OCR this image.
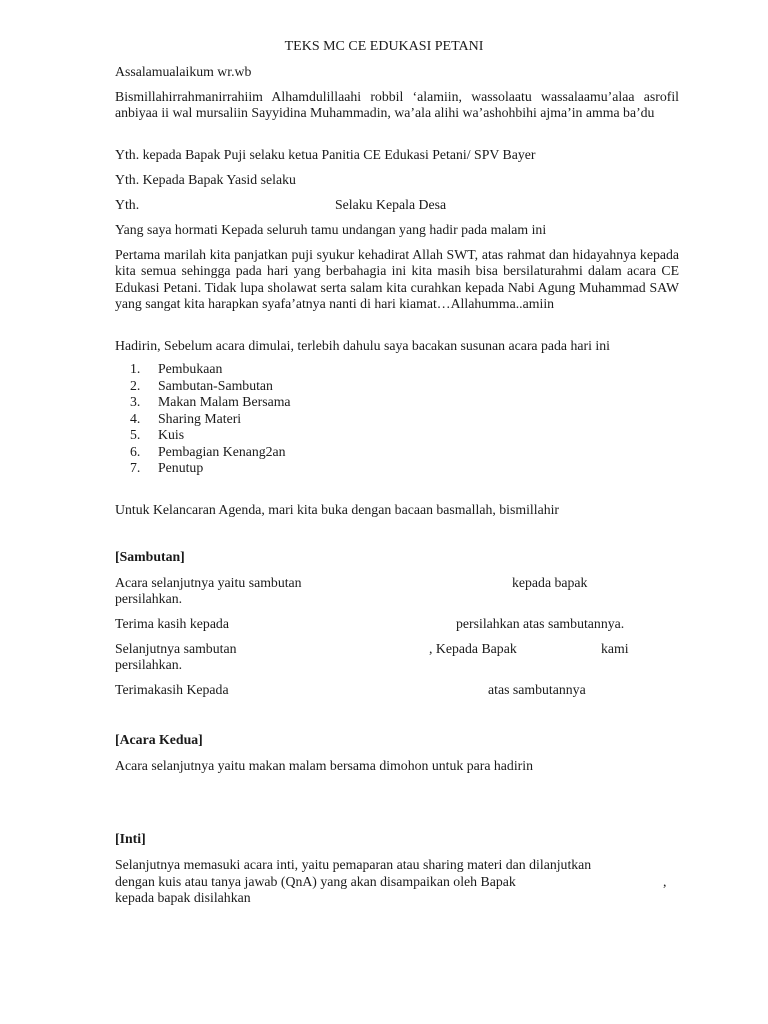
TEKS MC CE EDUKASI PETANI

Assalamualaikum wr.wb

Bismillahirrahmanirrahiim Alhamdulillaahi robbil ‘alamiin, wassolaatu wassalaamu’alaa asrofil anbiyaa ii wal mursaliin Sayyidina Muhammadin, wa’ala alihi wa’ashohbihi ajma’in amma ba’du

Yth. kepada Bapak Puji selaku ketua Panitia CE Edukasi Petani/ SPV Bayer

Yth. Kepada Bapak Yasid selaku

Yth.	Selaku Kepala Desa

Yang saya hormati Kepada seluruh tamu undangan yang hadir pada malam ini

Pertama marilah kita panjatkan puji syukur kehadirat Allah SWT, atas rahmat dan hidayahnya kepada kita semua sehingga pada hari yang berbahagia ini kita masih bisa bersilaturahmi dalam acara CE Edukasi Petani. Tidak lupa sholawat serta salam kita curahkan kepada Nabi Agung Muhammad SAW yang sangat kita harapkan syafa’atnya nanti di hari kiamat…Allahumma..amiin

Hadirin, Sebelum acara dimulai, terlebih dahulu saya bacakan susunan acara pada hari ini

1. Pembukaan
2. Sambutan-Sambutan
3. Makan Malam Bersama
4. Sharing Materi
5. Kuis
6. Pembagian Kenang2an
7. Penutup

Untuk Kelancaran Agenda, mari kita buka dengan bacaan basmallah, bismillahir

[Sambutan]
Acara selanjutnya yaitu sambutan	kepada bapak
persilahkan.
Terima kasih kepada	persilahkan atas sambutannya.
Selanjutnya sambutan	, Kepada Bapak	kami
persilahkan.
Terimakasih Kepada	atas sambutannya
[Acara Kedua]

Acara selanjutnya yaitu makan malam bersama dimohon untuk para hadirin

[Inti]
Selanjutnya memasuki acara inti, yaitu pemaparan atau sharing materi dan dilanjutkan
dengan kuis atau tanya jawab (QnA) yang akan disampaikan oleh Bapak	,
kepada bapak disilahkan
